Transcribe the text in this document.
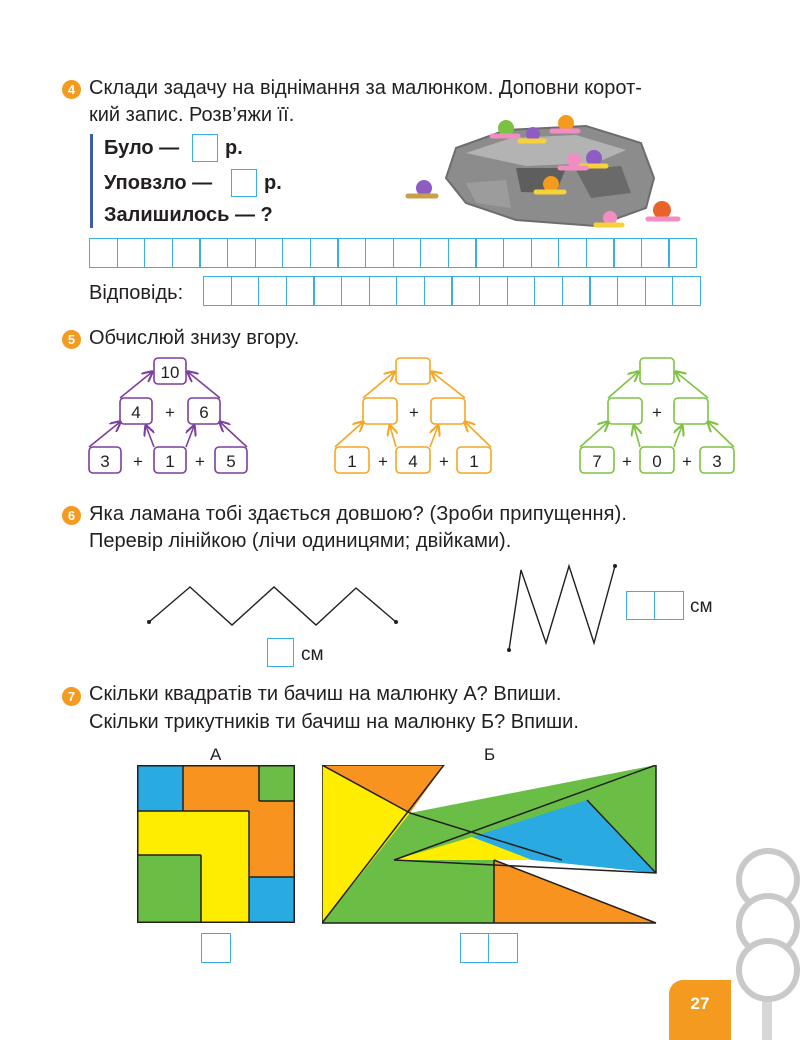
4 Склади задачу на віднімання за малюнком. Доповни корот-
кий запис. Розв’яжи її.
Було — р.
Уповзло —	р.
Залишилось — ?
Відповідь:
5 Обчислюй знизу вгору.
10
4 + 6
3 + 1 + 5
+
1 + 4 + 1
+
7 + 0 + 3
6 Яка ламана тобі здається довшою? (Зроби припущення).
Перевір лінійкою (лічи одиницями; двійками).
см
см
7 Скільки квадратів ти бачиш на малюнку А? Впиши.
Скільки трикутників ти бачиш на малюнку Б? Впиши.
А	Б
27
